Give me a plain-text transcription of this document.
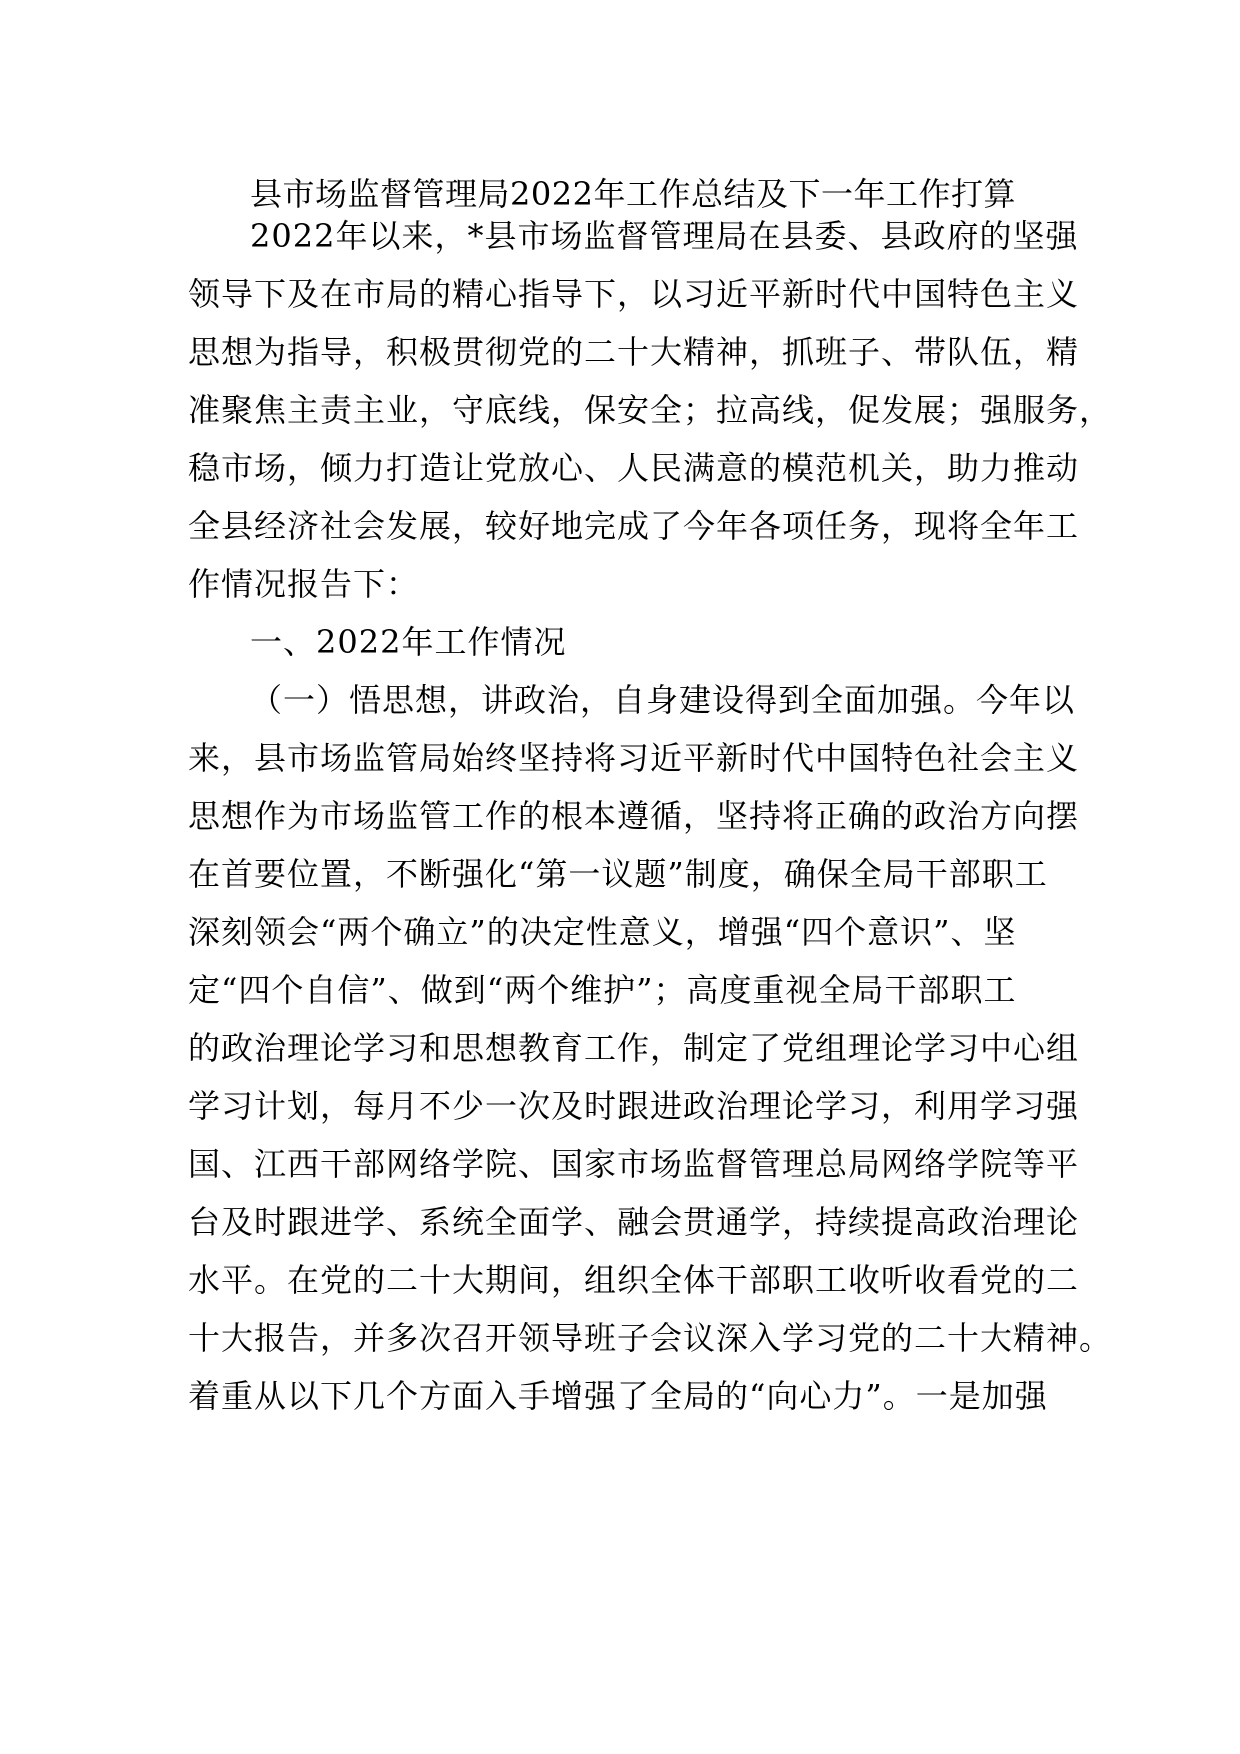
县市场监督管理局2022年工作总结及下一年工作打算
2022年以来，*县市场监督管理局在县委、县政府的坚强
领导下及在市局的精心指导下，以习近平新时代中国特色主义
思想为指导，积极贯彻党的二十大精神，抓班子、带队伍，精
准聚焦主责主业，守底线，保安全；拉高线，促发展；强服务，
稳市场，倾力打造让党放心、人民满意的模范机关，助力推动
全县经济社会发展，较好地完成了今年各项任务，现将全年工
作情况报告下：
一、2022年工作情况
（一）悟思想，讲政治，自身建设得到全面加强。今年以
来，县市场监管局始终坚持将习近平新时代中国特色社会主义
思想作为市场监管工作的根本遵循，坚持将正确的政治方向摆
在首要位置，不断强化“第一议题”制度，确保全局干部职工
深刻领会“两个确立”的决定性意义，增强“四个意识”、坚
定“四个自信”、做到“两个维护”；高度重视全局干部职工
的政治理论学习和思想教育工作，制定了党组理论学习中心组
学习计划，每月不少一次及时跟进政治理论学习，利用学习强
国、江西干部网络学院、国家市场监督管理总局网络学院等平
台及时跟进学、系统全面学、融会贯通学，持续提高政治理论
水平。在党的二十大期间，组织全体干部职工收听收看党的二
十大报告，并多次召开领导班子会议深入学习党的二十大精神。
着重从以下几个方面入手增强了全局的“向心力”。一是加强
